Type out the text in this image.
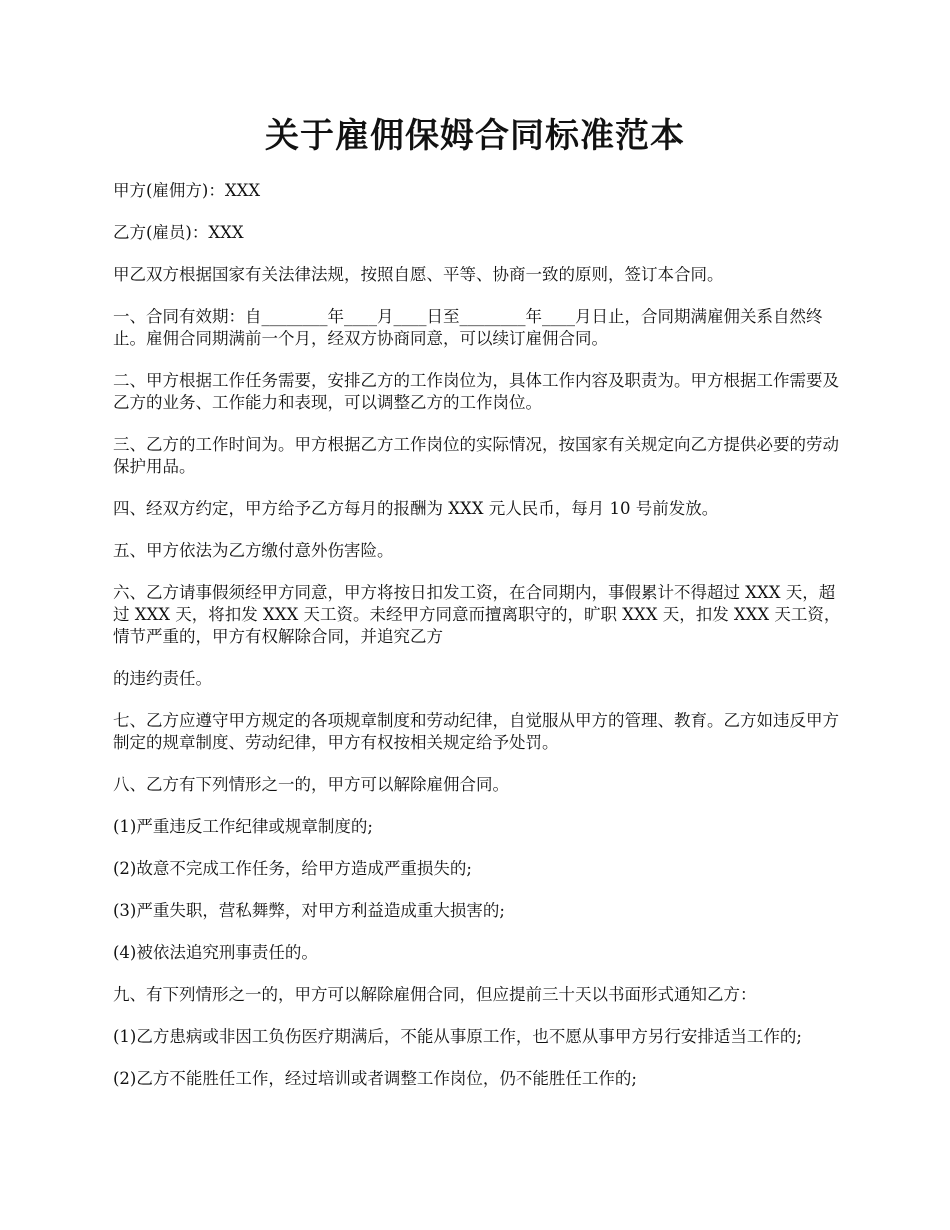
关于雇佣保姆合同标准范本

甲方(雇佣方)：XXX

乙方(雇员)：XXX

甲乙双方根据国家有关法律法规，按照自愿、平等、协商一致的原则，签订本合同。

一、合同有效期：自________年____月____日至________年____月日止，合同期满雇佣关系自然终止。雇佣合同期满前一个月，经双方协商同意，可以续订雇佣合同。

二、甲方根据工作任务需要，安排乙方的工作岗位为，具体工作内容及职责为。甲方根据工作需要及乙方的业务、工作能力和表现，可以调整乙方的工作岗位。

三、乙方的工作时间为。甲方根据乙方工作岗位的实际情况，按国家有关规定向乙方提供必要的劳动保护用品。

四、经双方约定，甲方给予乙方每月的报酬为 XXX 元人民币，每月 10 号前发放。

五、甲方依法为乙方缴付意外伤害险。

六、乙方请事假须经甲方同意，甲方将按日扣发工资，在合同期内，事假累计不得超过 XXX 天，超过 XXX 天，将扣发 XXX 天工资。未经甲方同意而擅离职守的，旷职 XXX 天，扣发 XXX 天工资，情节严重的，甲方有权解除合同，并追究乙方

的违约责任。

七、乙方应遵守甲方规定的各项规章制度和劳动纪律，自觉服从甲方的管理、教育。乙方如违反甲方制定的规章制度、劳动纪律，甲方有权按相关规定给予处罚。

八、乙方有下列情形之一的，甲方可以解除雇佣合同。

(1)严重违反工作纪律或规章制度的;

(2)故意不完成工作任务，给甲方造成严重损失的;

(3)严重失职，营私舞弊，对甲方利益造成重大损害的;

(4)被依法追究刑事责任的。

九、有下列情形之一的，甲方可以解除雇佣合同，但应提前三十天以书面形式通知乙方：

(1)乙方患病或非因工负伤医疗期满后，不能从事原工作，也不愿从事甲方另行安排适当工作的;

(2)乙方不能胜任工作，经过培训或者调整工作岗位，仍不能胜任工作的;
